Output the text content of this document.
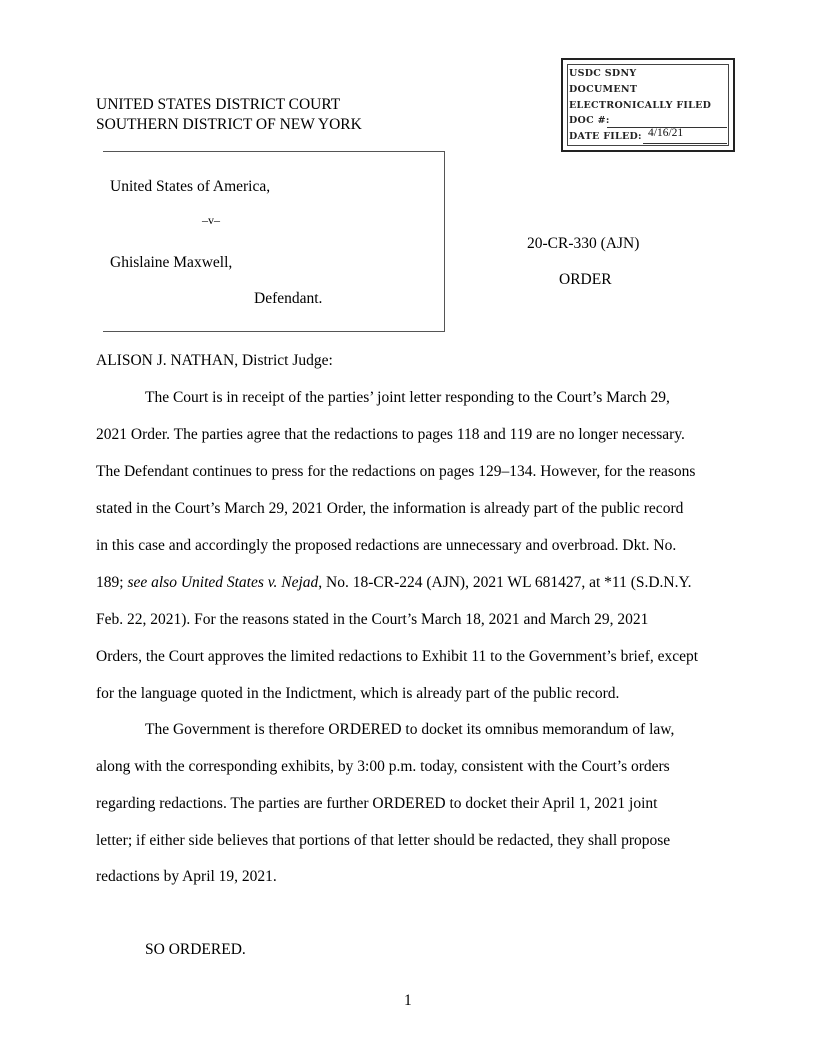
USDC SDNY
DOCUMENT
ELECTRONICALLY FILED
DOC #:
DATE FILED: 4/16/21
UNITED STATES DISTRICT COURT
SOUTHERN DISTRICT OF NEW YORK
United States of America,
–v–
Ghislaine Maxwell,
Defendant.
20-CR-330 (AJN)
ORDER
ALISON J. NATHAN, District Judge:
The Court is in receipt of the parties’ joint letter responding to the Court’s March 29,
2021 Order. The parties agree that the redactions to pages 118 and 119 are no longer necessary.
The Defendant continues to press for the redactions on pages 129–134. However, for the reasons
stated in the Court’s March 29, 2021 Order, the information is already part of the public record
in this case and accordingly the proposed redactions are unnecessary and overbroad. Dkt. No.
189; see also United States v. Nejad, No. 18-CR-224 (AJN), 2021 WL 681427, at *11 (S.D.N.Y.
Feb. 22, 2021). For the reasons stated in the Court’s March 18, 2021 and March 29, 2021
Orders, the Court approves the limited redactions to Exhibit 11 to the Government’s brief, except
for the language quoted in the Indictment, which is already part of the public record.
The Government is therefore ORDERED to docket its omnibus memorandum of law,
along with the corresponding exhibits, by 3:00 p.m. today, consistent with the Court’s orders
regarding redactions. The parties are further ORDERED to docket their April 1, 2021 joint
letter; if either side believes that portions of that letter should be redacted, they shall propose
redactions by April 19, 2021.
SO ORDERED.
1
